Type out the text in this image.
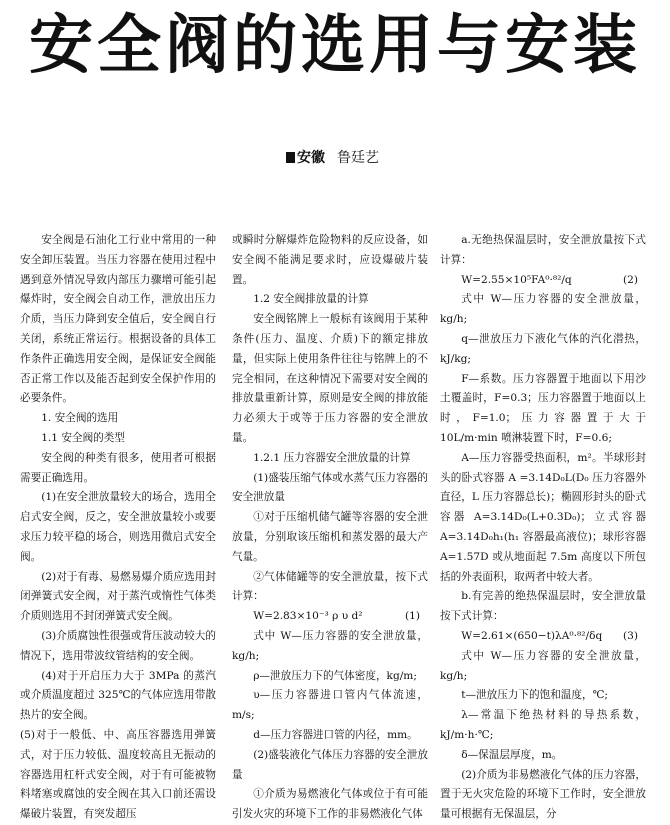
安全阀的选用与安装
安徽 鲁廷艺

安全阀是石油化工行业中常用的一种安全卸压装置。当压力容器在使用过程中遇到意外情况导致内部压力骤增可能引起爆炸时，安全阀会自动工作，泄放出压力介质，当压力降到安全值后，安全阀自行关闭，系统正常运行。根据设备的具体工作条件正确选用安全阀，是保证安全阀能否正常工作以及能否起到安全保护作用的必要条件。

1. 安全阀的选用

1.1 安全阀的类型

安全阀的种类有很多，使用者可根据需要正确选用。

(1)在安全泄放量较大的场合，选用全启式安全阀，反之，安全泄放量较小或要求压力较平稳的场合，则选用微启式安全阀。

(2)对于有毒、易燃易爆介质应选用封闭弹簧式安全阀，对于蒸汽或惰性气体类介质则选用不封闭弹簧式安全阀。

(3)介质腐蚀性很强或背压波动较大的情况下，选用带波纹管结构的安全阀。

(4)对于开启压力大于 3MPa 的蒸汽或介质温度超过 325℃的气体应选用带散热片的安全阀。

(5)对于一般低、中、高压容器选用弹簧式，对于压力较低、温度较高且无振动的容器选用杠杆式安全阀，对于有可能被物料堵塞或腐蚀的安全阀在其入口前还需设爆破片装置，有突发超压

或瞬时分解爆炸危险物料的反应设备，如安全阀不能满足要求时，应设爆破片装置。

1.2 安全阀排放量的计算

安全阀铭牌上一般标有该阀用于某种条件(压力、温度、介质)下的额定排放量，但实际上使用条件往往与铭牌上的不完全相同，在这种情况下需要对安全阀的排放量重新计算，原则是安全阀的排放能力必须大于或等于压力容器的安全泄放量。

1.2.1 压力容器安全泄放量的计算

(1)盛装压缩气体或水蒸气压力容器的安全泄放量

①对于压缩机储气罐等容器的安全泄放量，分别取该压缩机和蒸发器的最大产气量。

②气体储罐等的安全泄放量，按下式计算：

W=2.83×10⁻³ ρ υ d²	(1)

式中 W—压力容器的安全泄放量，kg/h;

ρ—泄放压力下的气体密度，kg/m;

υ—压力容器进口管内气体流速，m/s;

d—压力容器进口管的内径，mm。

(2)盛装液化气体压力容器的安全泄放量

①介质为易燃液化气体或位于有可能引发火灾的环境下工作的非易燃液化气体

a.无绝热保温层时，安全泄放量按下式计算：

W=2.55×10⁵FA⁰·⁸²/q	(2)

式中 W—压力容器的安全泄放量，kg/h;

q—泄放压力下液化气体的汽化潜热，kJ/kg;

F—系数。压力容器置于地面以下用沙土覆盖时，F=0.3；压力容器置于地面以上时，F=1.0；压力容器置于大于 10L/m·min 喷淋装置下时，F=0.6;

A—压力容器受热面积，m²。半球形封头的卧式容器 A =3.14D₀L(D₀ 压力容器外直径，L 压力容器总长)；椭圆形封头的卧式容器 A=3.14D₀(L+0.3D₀)；立式容器 A=3.14D₀h₁(h₁ 容器最高液位)；球形容器 A=1.57D 或从地面起 7.5m 高度以下所包括的外表面积，取两者中较大者。

b.有完善的绝热保温层时，安全泄放量按下式计算：

W=2.61×(650−t)λA⁰·⁸²/δq (3)

式中 W—压力容器的安全泄放量，kg/h;

t—泄放压力下的饱和温度，℃;

λ—常温下绝热材料的导热系数，kJ/m·h·℃;

δ—保温层厚度，m。

(2)介质为非易燃液化气体的压力容器，置于无火灾危险的环境下工作时，安全泄放量可根据有无保温层，分
